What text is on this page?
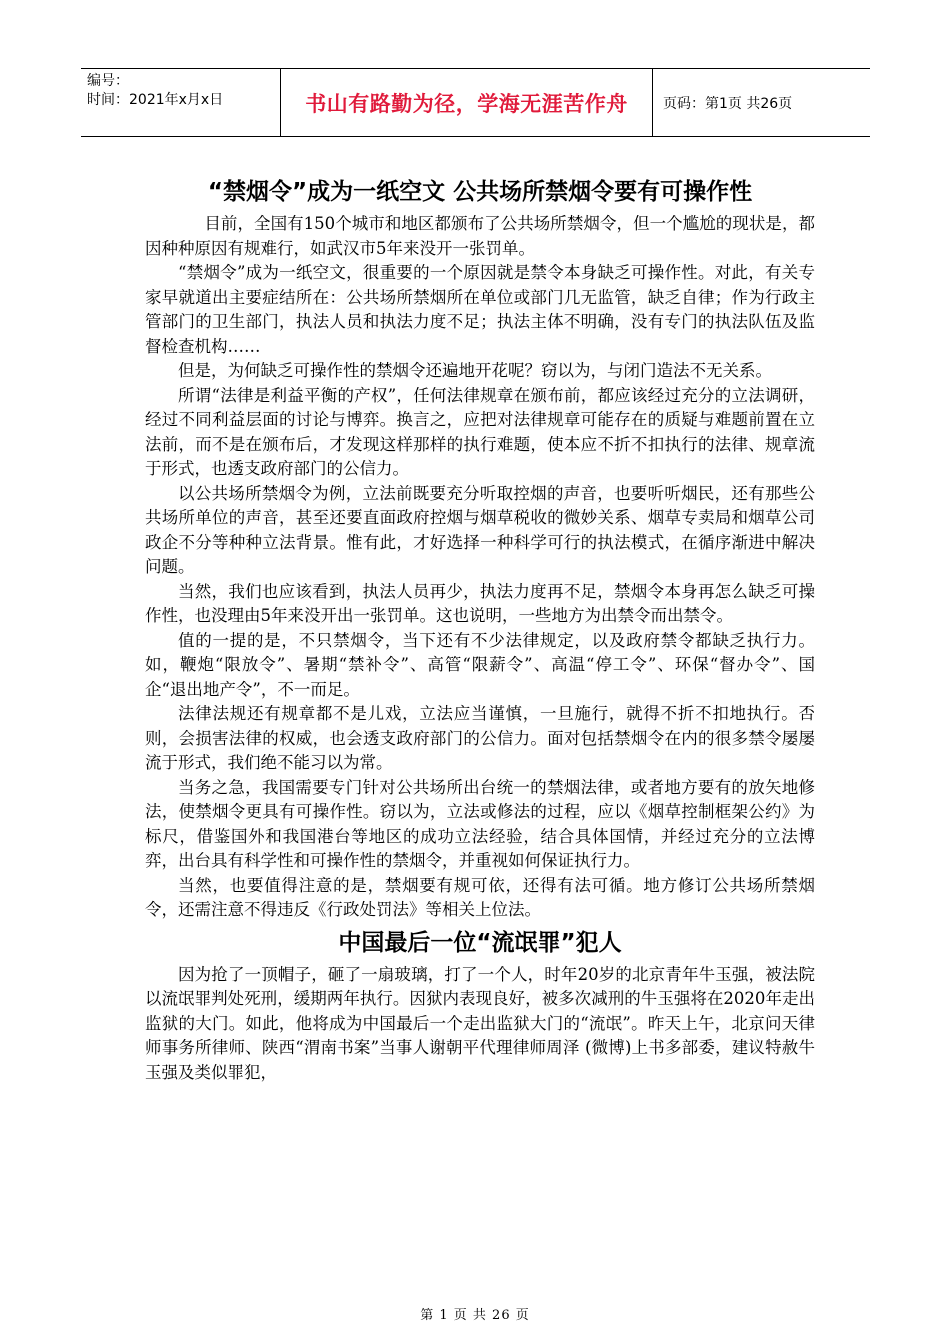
编号：
时间：2021年x月x日	书山有路勤为径，学海无涯苦作舟	页码：第1页 共26页
“禁烟令”成为一纸空文 公共场所禁烟令要有可操作性

目前，全国有150个城市和地区都颁布了公共场所禁烟令，但一个尴尬的现状是，都因种种原因有规难行，如武汉市5年来没开一张罚单。

“禁烟令”成为一纸空文，很重要的一个原因就是禁令本身缺乏可操作性。对此，有关专家早就道出主要症结所在：公共场所禁烟所在单位或部门几无监管，缺乏自律；作为行政主管部门的卫生部门，执法人员和执法力度不足；执法主体不明确，没有专门的执法队伍及监督检查机构……

但是，为何缺乏可操作性的禁烟令还遍地开花呢？窃以为，与闭门造法不无关系。

所谓“法律是利益平衡的产权”，任何法律规章在颁布前，都应该经过充分的立法调研，经过不同利益层面的讨论与博弈。换言之，应把对法律规章可能存在的质疑与难题前置在立法前，而不是在颁布后，才发现这样那样的执行难题，使本应不折不扣执行的法律、规章流于形式，也透支政府部门的公信力。

以公共场所禁烟令为例，立法前既要充分听取控烟的声音，也要听听烟民，还有那些公共场所单位的声音，甚至还要直面政府控烟与烟草税收的微妙关系、烟草专卖局和烟草公司政企不分等种种立法背景。惟有此，才好选择一种科学可行的执法模式，在循序渐进中解决问题。

当然，我们也应该看到，执法人员再少，执法力度再不足，禁烟令本身再怎么缺乏可操作性，也没理由5年来没开出一张罚单。这也说明，一些地方为出禁令而出禁令。

值的一提的是，不只禁烟令，当下还有不少法律规定，以及政府禁令都缺乏执行力。如，鞭炮“限放令”、暑期“禁补令”、高管“限薪令”、高温“停工令”、环保“督办令”、国企“退出地产令”，不一而足。

法律法规还有规章都不是儿戏，立法应当谨慎，一旦施行，就得不折不扣地执行。否则，会损害法律的权威，也会透支政府部门的公信力。面对包括禁烟令在内的很多禁令屡屡流于形式，我们绝不能习以为常。

当务之急，我国需要专门针对公共场所出台统一的禁烟法律，或者地方要有的放矢地修法，使禁烟令更具有可操作性。窃以为，立法或修法的过程，应以《烟草控制框架公约》为标尺，借鉴国外和我国港台等地区的成功立法经验，结合具体国情，并经过充分的立法博弈，出台具有科学性和可操作性的禁烟令，并重视如何保证执行力。

当然，也要值得注意的是，禁烟要有规可依，还得有法可循。地方修订公共场所禁烟令，还需注意不得违反《行政处罚法》等相关上位法。

中国最后一位“流氓罪”犯人

因为抢了一顶帽子，砸了一扇玻璃，打了一个人，时年20岁的北京青年牛玉强，被法院以流氓罪判处死刑，缓期两年执行。因狱内表现良好，被多次减刑的牛玉强将在2020年走出监狱的大门。如此，他将成为中国最后一个走出监狱大门的“流氓”。昨天上午，北京问天律师事务所律师、陕西“渭南书案”当事人谢朝平代理律师周泽 (微博)上书多部委，建议特赦牛玉强及类似罪犯，

第 1 页 共 26 页
